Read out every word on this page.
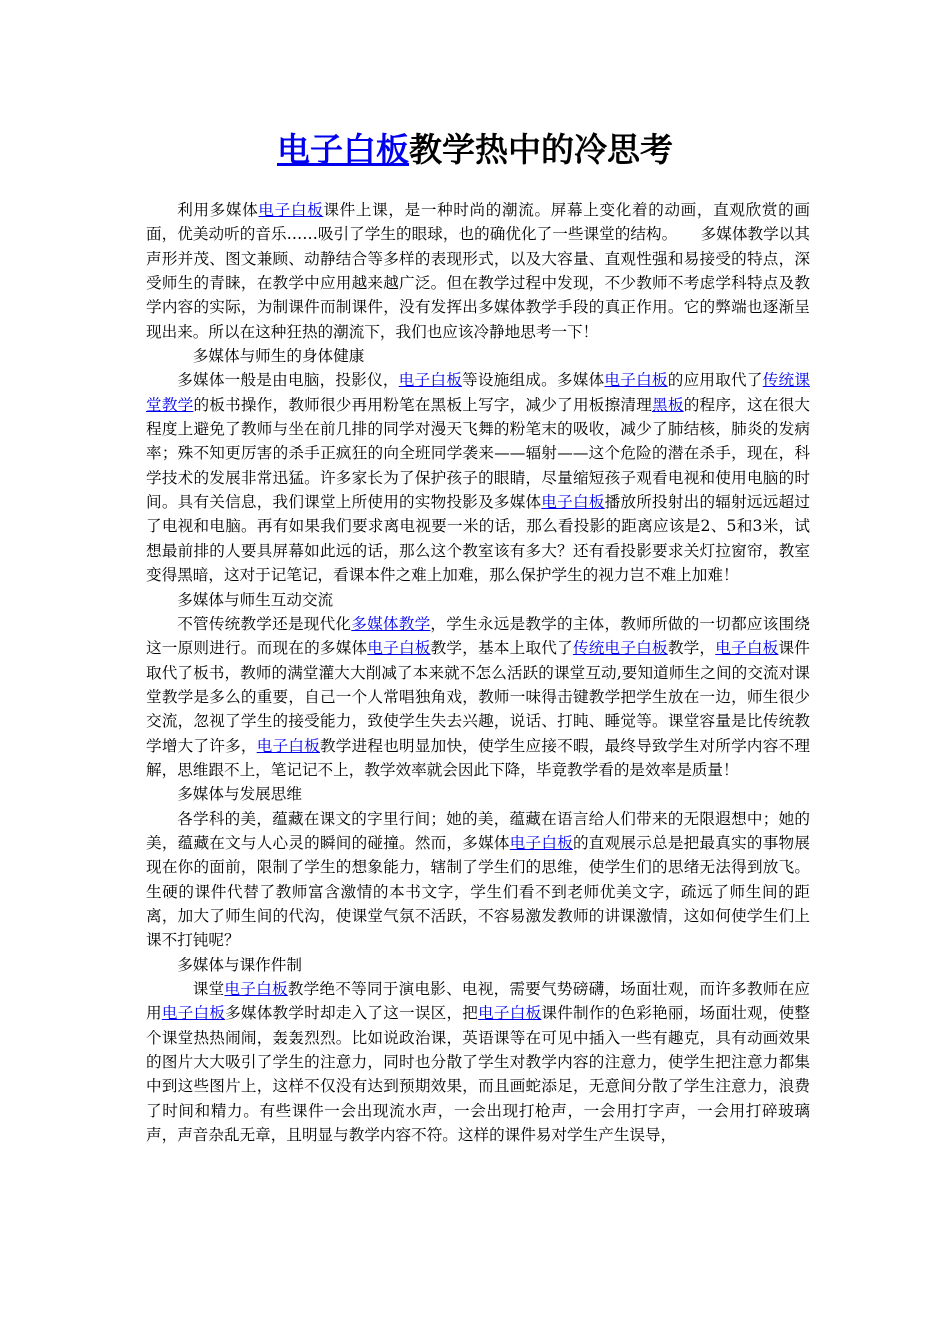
电子白板教学热中的冷思考

利用多媒体电子白板课件上课，是一种时尚的潮流。屏幕上变化着的动画，直观欣赏的画面，优美动听的音乐……吸引了学生的眼球，也的确优化了一些课堂的结构。　　多媒体教学以其声形并茂、图文兼顾、动静结合等多样的表现形式，以及大容量、直观性强和易接受的特点，深受师生的青睐，在教学中应用越来越广泛。但在教学过程中发现，不少教师不考虑学科特点及教学内容的实际，为制课件而制课件，没有发挥出多媒体教学手段的真正作用。它的弊端也逐渐呈现出来。所以在这种狂热的潮流下，我们也应该冷静地思考一下！

多媒体与师生的身体健康

多媒体一般是由电脑，投影仪，电子白板等设施组成。多媒体电子白板的应用取代了传统课堂教学的板书操作，教师很少再用粉笔在黑板上写字，减少了用板擦清理黑板的程序，这在很大程度上避免了教师与坐在前几排的同学对漫天飞舞的粉笔末的吸收，减少了肺结核，肺炎的发病率；殊不知更厉害的杀手正疯狂的向全班同学袭来——辐射——这个危险的潜在杀手，现在，科学技术的发展非常迅猛。许多家长为了保护孩子的眼睛，尽量缩短孩子观看电视和使用电脑的时间。具有关信息，我们课堂上所使用的实物投影及多媒体电子白板播放所投射出的辐射远远超过了电视和电脑。再有如果我们要求离电视要一米的话，那么看投影的距离应该是2、5和3米，试想最前排的人要具屏幕如此远的话，那么这个教室该有多大？还有看投影要求关灯拉窗帘，教室变得黑暗，这对于记笔记，看课本件之难上加难，那么保护学生的视力岂不难上加难！

多媒体与师生互动交流

不管传统教学还是现代化多媒体教学，学生永远是教学的主体，教师所做的一切都应该围绕这一原则进行。而现在的多媒体电子白板教学，基本上取代了传统电子白板教学，电子白板课件取代了板书，教师的满堂灌大大削减了本来就不怎么活跃的课堂互动,要知道师生之间的交流对课堂教学是多么的重要，自己一个人常唱独角戏，教师一味得击键教学把学生放在一边，师生很少交流，忽视了学生的接受能力，致使学生失去兴趣，说话、打盹、睡觉等。课堂容量是比传统教学增大了许多，电子白板教学进程也明显加快，使学生应接不暇，最终导致学生对所学内容不理解，思维跟不上，笔记记不上，教学效率就会因此下降，毕竟教学看的是效率是质量！

多媒体与发展思维

各学科的美，蕴藏在课文的字里行间；她的美，蕴藏在语言给人们带来的无限遐想中；她的美，蕴藏在文与人心灵的瞬间的碰撞。然而，多媒体电子白板的直观展示总是把最真实的事物展现在你的面前，限制了学生的想象能力，辖制了学生们的思维，使学生们的思绪无法得到放飞。生硬的课件代替了教师富含激情的本书文字，学生们看不到老师优美文字，疏远了师生间的距离，加大了师生间的代沟，使课堂气氛不活跃，不容易激发教师的讲课激情，这如何使学生们上课不打钝呢？

多媒体与课作件制

课堂电子白板教学绝不等同于演电影、电视，需要气势磅礴，场面壮观，而许多教师在应用电子白板多媒体教学时却走入了这一误区，把电子白板课件制作的色彩艳丽，场面壮观，使整个课堂热热闹闹，轰轰烈烈。比如说政治课，英语课等在可见中插入一些有趣克，具有动画效果的图片大大吸引了学生的注意力，同时也分散了学生对教学内容的注意力，使学生把注意力都集中到这些图片上，这样不仅没有达到预期效果，而且画蛇添足，无意间分散了学生注意力，浪费了时间和精力。有些课件一会出现流水声，一会出现打枪声，一会用打字声，一会用打碎玻璃声，声音杂乱无章，且明显与教学内容不符。这样的课件易对学生产生误导，
